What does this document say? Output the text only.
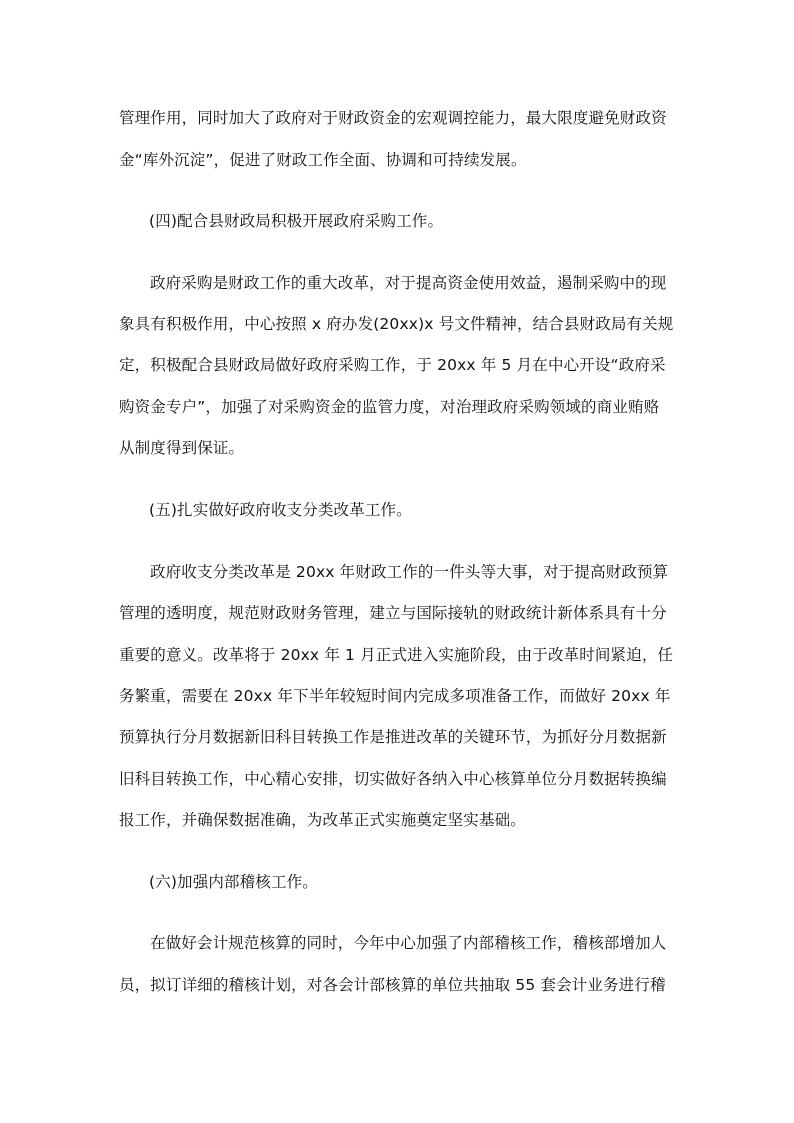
管理作用，同时加大了政府对于财政资金的宏观调控能力，最大限度避免财政资
金“库外沉淀”，促进了财政工作全面、协调和可持续发展。
(四)配合县财政局积极开展政府采购工作。
政府采购是财政工作的重大改革，对于提高资金使用效益，遏制采购中的现
象具有积极作用，中心按照 x 府办发(20xx)x 号文件精神，结合县财政局有关规
定，积极配合县财政局做好政府采购工作，于 20xx 年 5 月在中心开设“政府采
购资金专户”，加强了对采购资金的监管力度，对治理政府采购领域的商业贿赂
从制度得到保证。
(五)扎实做好政府收支分类改革工作。
政府收支分类改革是 20xx 年财政工作的一件头等大事，对于提高财政预算
管理的透明度，规范财政财务管理，建立与国际接轨的财政统计新体系具有十分
重要的意义。改革将于 20xx 年 1 月正式进入实施阶段，由于改革时间紧迫，任
务繁重，需要在 20xx 年下半年较短时间内完成多项准备工作，而做好 20xx 年
预算执行分月数据新旧科目转换工作是推进改革的关键环节，为抓好分月数据新
旧科目转换工作，中心精心安排，切实做好各纳入中心核算单位分月数据转换编
报工作，并确保数据准确，为改革正式实施奠定坚实基础。
(六)加强内部稽核工作。
在做好会计规范核算的同时，今年中心加强了内部稽核工作，稽核部增加人
员，拟订详细的稽核计划，对各会计部核算的单位共抽取 55 套会计业务进行稽
